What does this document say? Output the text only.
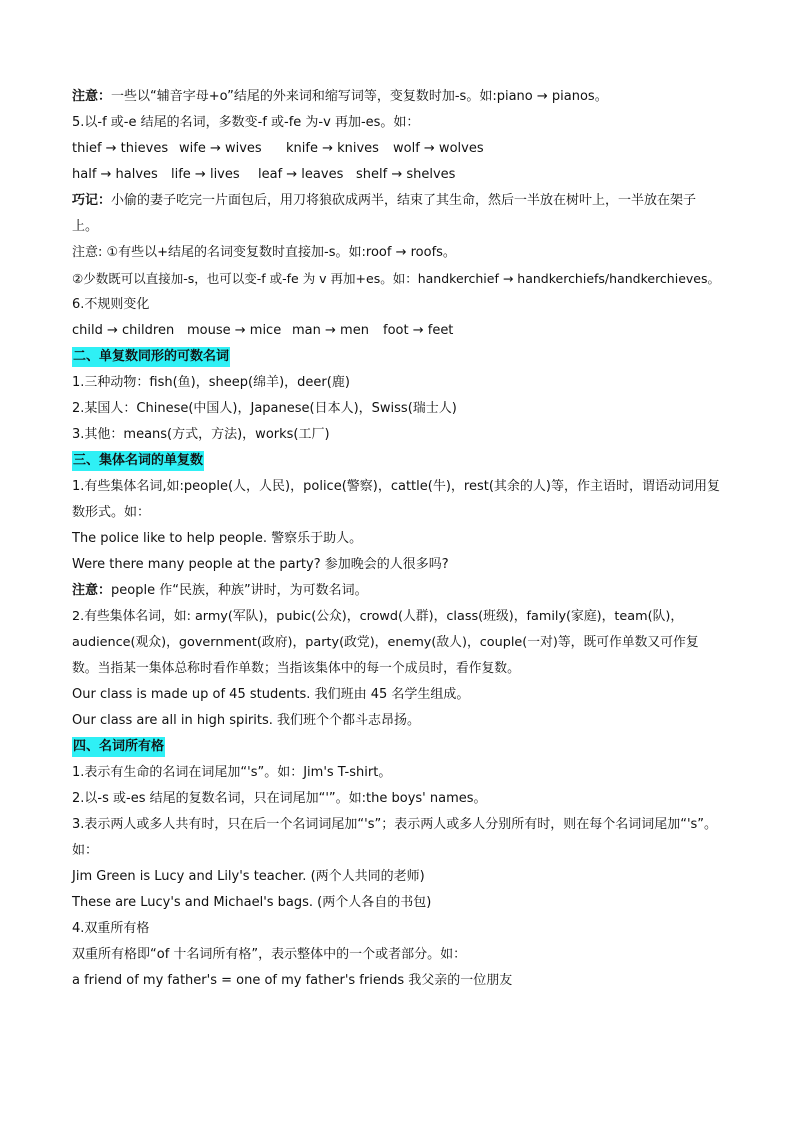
注意：一些以“辅音字母+o”结尾的外来词和缩写词等，变复数时加-s。如:piano → pianos。
5.以-f 或-e 结尾的名词，多数变-f 或-fe 为-v 再加-es。如：
thief → thieves wife → wives	knife → knives	wolf → wolves
half → halves	life → lives	leaf → leaves shelf → shelves
巧记：小偷的妻子吃完一片面包后，用刀将狼砍成两半，结束了其生命，然后一半放在树叶上，一半放在架子上。
注意: ①有些以+结尾的名词变复数时直接加-s。如:roof → roofs。
②少数既可以直接加-s，也可以变-f 或-fe 为 v 再加+es。如：handkerchief → handkerchiefs/handkerchieves。
6.不规则变化
child → children mouse → mice man → men	foot → feet
二、单复数同形的可数名词
1.三种动物：fish(鱼)，sheep(绵羊)，deer(鹿)
2.某国人：Chinese(中国人)，Japanese(日本人)，Swiss(瑞士人)
3.其他：means(方式，方法)，works(工厂)
三、集体名词的单复数
1.有些集体名词,如:people(人，人民)，police(警察)，cattle(牛)，rest(其余的人)等，作主语时，谓语动词用复数形式。如：
The police like to help people. 警察乐于助人。
Were there many people at the party? 参加晚会的人很多吗?
注意：people 作“民族，种族”讲时，为可数名词。
2.有些集体名词，如: army(军队)，pubic(公众)，crowd(人群)，class(班级)，family(家庭)，team(队)，audience(观众)，government(政府)，party(政党)，enemy(敌人)，couple(一对)等，既可作单数又可作复数。当指某一集体总称时看作单数；当指该集体中的每一个成员时，看作复数。
Our class is made up of 45 students. 我们班由 45 名学生组成。
Our class are all in high spirits. 我们班个个都斗志昂扬。
四、名词所有格
1.表示有生命的名词在词尾加“'s”。如：Jim's T-shirt。
2.以-s 或-es 结尾的复数名词，只在词尾加“'”。如:the boys' names。
3.表示两人或多人共有时，只在后一个名词词尾加“'s”；表示两人或多人分别所有时，则在每个名词词尾加“'s”。如：
Jim Green is Lucy and Lily's teacher. (两个人共同的老师)
These are Lucy's and Michael's bags. (两个人各自的书包)
4.双重所有格
双重所有格即“of 十名词所有格”，表示整体中的一个或者部分。如：
a friend of my father's = one of my father's friends 我父亲的一位朋友
